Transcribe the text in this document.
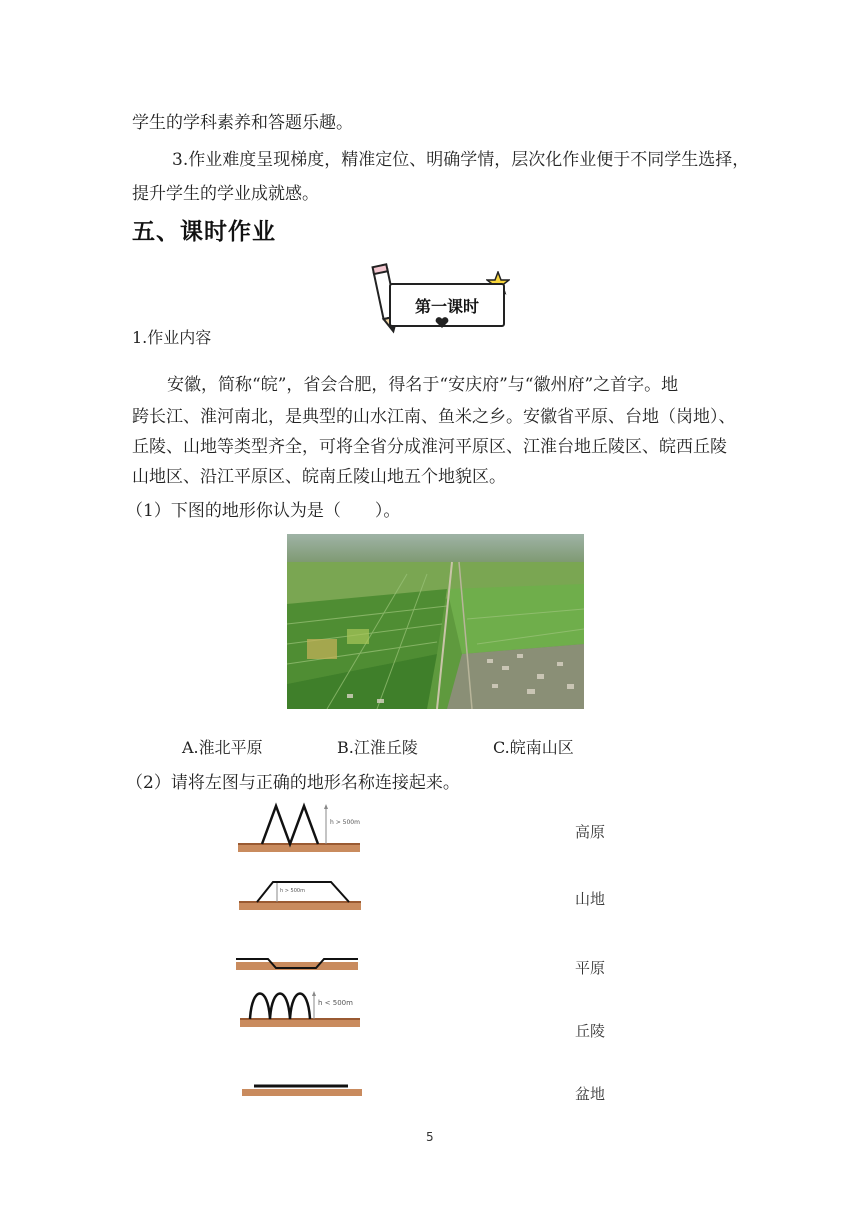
学生的学科素养和答题乐趣。
3.作业难度呈现梯度，精准定位、明确学情，层次化作业便于不同学生选择，
提升学生的学业成就感。
五、课时作业
第一课时
1.作业内容
安徽，简称“皖”，省会合肥，得名于“安庆府”与“徽州府”之首字。地
跨长江、淮河南北，是典型的山水江南、鱼米之乡。安徽省平原、台地（岗地）、
丘陵、山地等类型齐全，可将全省分成淮河平原区、江淮台地丘陵区、皖西丘陵
山地区、沿江平原区、皖南丘陵山地五个地貌区。
（1）下图的地形你认为是（　　）。
A.淮北平原	B.江淮丘陵	C.皖南山区
（2）请将左图与正确的地形名称连接起来。
h > 500m
h > 500m
h < 500m
高原
山地
平原
丘陵
盆地
5
